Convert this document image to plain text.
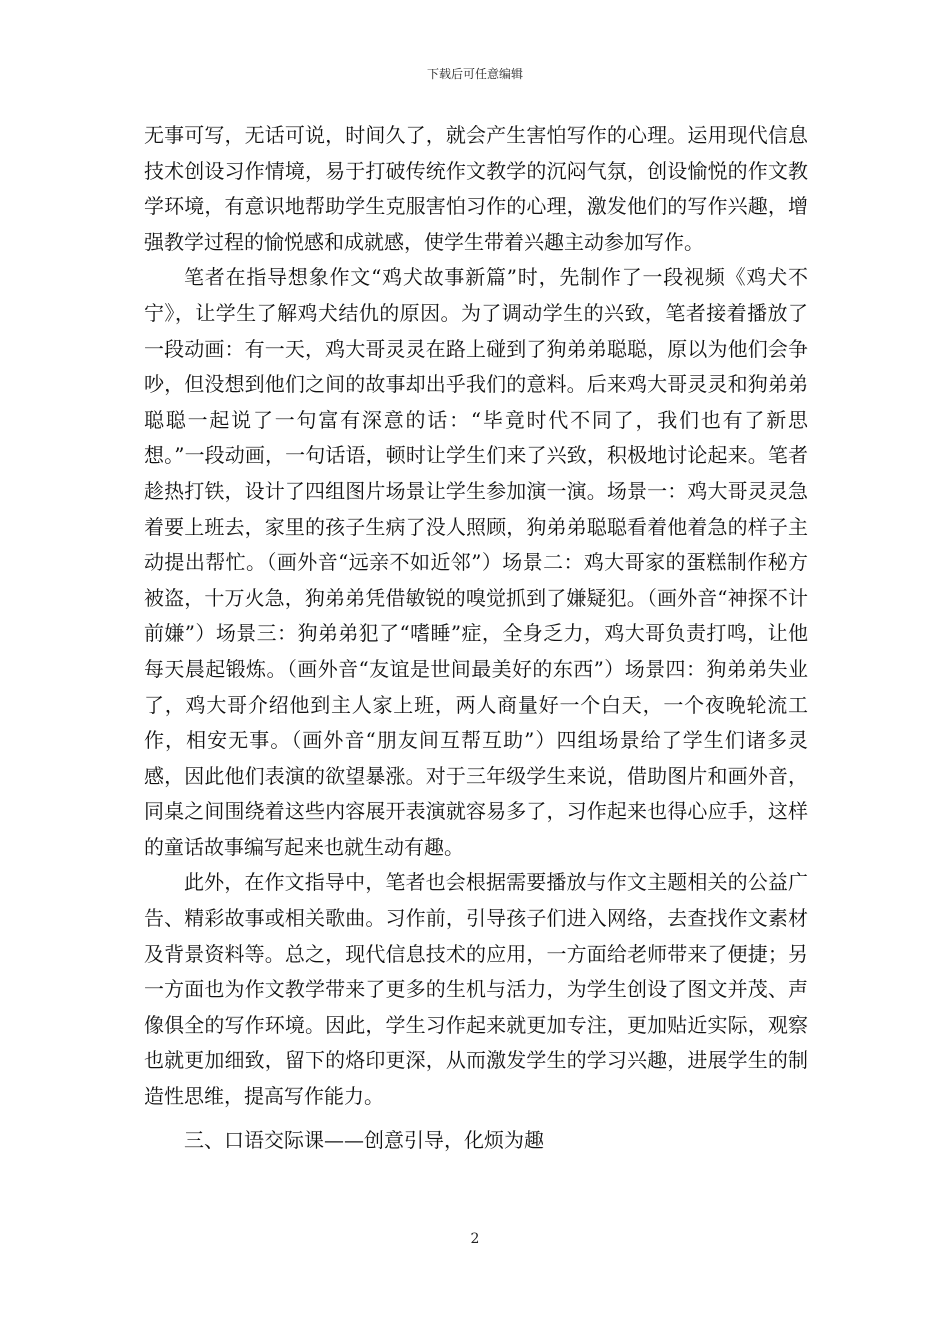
下载后可任意编辑

无事可写，无话可说，时间久了，就会产生害怕写作的心理。运用现代信息技术创设习作情境，易于打破传统作文教学的沉闷气氛，创设愉悦的作文教学环境，有意识地帮助学生克服害怕习作的心理，激发他们的写作兴趣，增强教学过程的愉悦感和成就感，使学生带着兴趣主动参加写作。

笔者在指导想象作文“鸡犬故事新篇”时，先制作了一段视频《鸡犬不宁》，让学生了解鸡犬结仇的原因。为了调动学生的兴致，笔者接着播放了一段动画：有一天，鸡大哥灵灵在路上碰到了狗弟弟聪聪，原以为他们会争吵，但没想到他们之间的故事却出乎我们的意料。后来鸡大哥灵灵和狗弟弟聪聪一起说了一句富有深意的话：“毕竟时代不同了，我们也有了新思想。”一段动画，一句话语，顿时让学生们来了兴致，积极地讨论起来。笔者趁热打铁，设计了四组图片场景让学生参加演一演。场景一：鸡大哥灵灵急着要上班去，家里的孩子生病了没人照顾，狗弟弟聪聪看着他着急的样子主动提出帮忙。（画外音“远亲不如近邻”）场景二：鸡大哥家的蛋糕制作秘方被盗，十万火急，狗弟弟凭借敏锐的嗅觉抓到了嫌疑犯。（画外音“神探不计前嫌”）场景三：狗弟弟犯了“嗜睡”症，全身乏力，鸡大哥负责打鸣，让他每天晨起锻炼。（画外音“友谊是世间最美好的东西”）场景四：狗弟弟失业了，鸡大哥介绍他到主人家上班，两人商量好一个白天，一个夜晚轮流工作，相安无事。（画外音“朋友间互帮互助”）四组场景给了学生们诸多灵感，因此他们表演的欲望暴涨。对于三年级学生来说，借助图片和画外音，同桌之间围绕着这些内容展开表演就容易多了，习作起来也得心应手，这样的童话故事编写起来也就生动有趣。

此外，在作文指导中，笔者也会根据需要播放与作文主题相关的公益广告、精彩故事或相关歌曲。习作前，引导孩子们进入网络，去查找作文素材及背景资料等。总之，现代信息技术的应用，一方面给老师带来了便捷；另一方面也为作文教学带来了更多的生机与活力，为学生创设了图文并茂、声像俱全的写作环境。因此，学生习作起来就更加专注，更加贴近实际，观察也就更加细致，留下的烙印更深，从而激发学生的学习兴趣，进展学生的制造性思维，提高写作能力。

三、口语交际课——创意引导，化烦为趣

2
